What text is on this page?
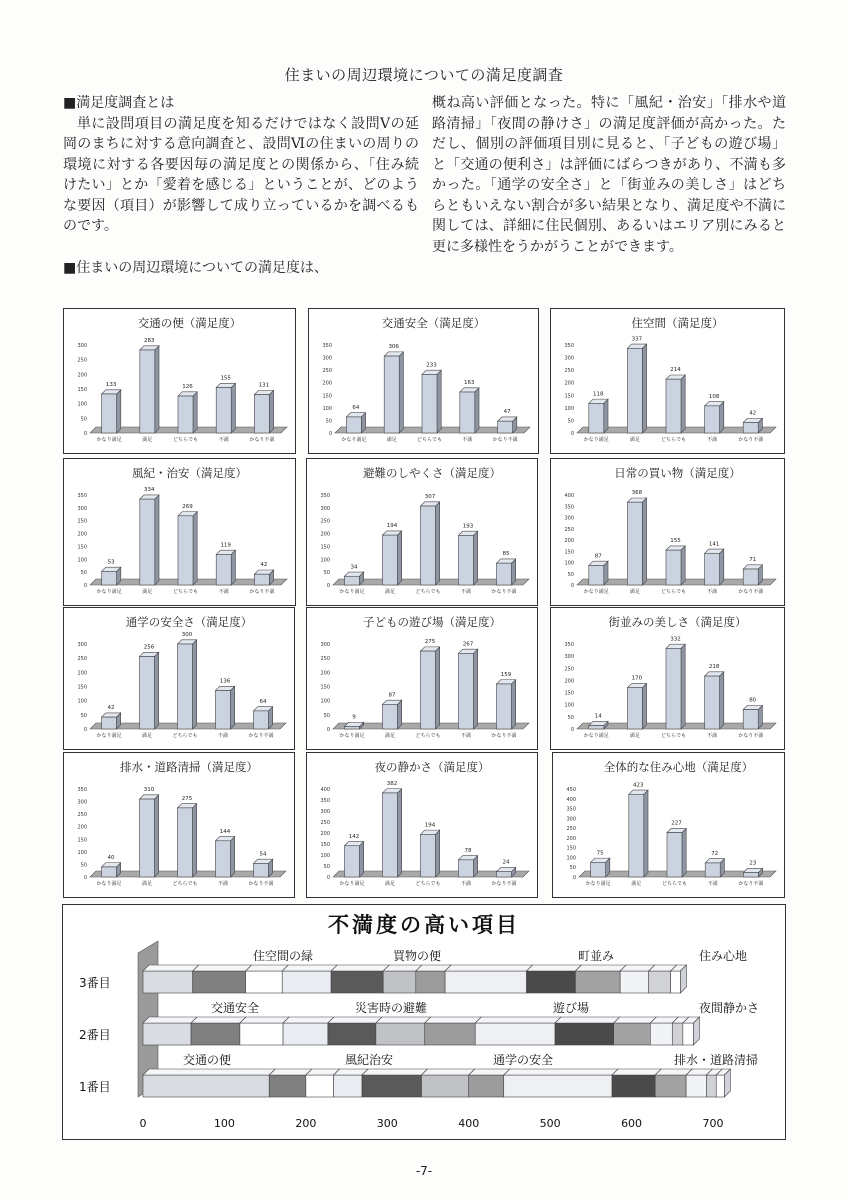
住まいの周辺環境についての満足度調査

■満足度調査とは

単に設問項目の満足度を知るだけではなく設問Ⅴの延岡のまちに対する意向調査と、設問Ⅵの住まいの周りの環境に対する各要因毎の満足度との関係から、「住み続けたい」とか「愛着を感じる」ということが、どのような要因（項目）が影響して成り立っているかを調べるものです。

■住まいの周辺環境についての満足度は、

概ね高い評価となった。特に「風紀・治安」「排水や道路清掃」「夜間の静けさ」の満足度評価が高かった。ただし、個別の評価項目別に見ると、「子どもの遊び場」と「交通の便利さ」は評価にばらつきがあり、不満も多かった。「通学の安全さ」と「街並みの美しさ」はどちらともいえない割合が多い結果となり、満足度や不満に関しては、詳細に住民個別、あるいはエリア別にみると更に多様性をうかがうことができます。

交通の便（満足度）
0
50
100
150
200
250
300
133
かなり満足
283
満足
126
どちらでも
155
不満
131
かなり不満
交通安全（満足度）
0
50
100
150
200
250
300
350
64
かなり満足
306
満足
233
どちらでも
163
不満
47
かなり不満
住空間（満足度）
0
50
100
150
200
250
300
350
118
かなり満足
337
満足
214
どちらでも
108
不満
42
かなり不満
風紀・治安（満足度）
0
50
100
150
200
250
300
350
53
かなり満足
334
満足
269
どちらでも
119
不満
42
かなり不満
避難のしやくさ（満足度）
0
50
100
150
200
250
300
350
34
かなり満足
194
満足
307
どちらでも
193
不満
85
かなり不満
日常の買い物（満足度）
0
50
100
150
200
250
300
350
400
87
かなり満足
368
満足
155
どちらでも
141
不満
71
かなり不満
通学の安全さ（満足度）
0
50
100
150
200
250
300
42
かなり満足
256
満足
300
どちらでも
136
不満
64
かなり不満
子どもの遊び場（満足度）
0
50
100
150
200
250
300
9
かなり満足
87
満足
275
どちらでも
267
不満
159
かなり不満
街並みの美しさ（満足度）
0
50
100
150
200
250
300
350
14
かなり満足
170
満足
332
どちらでも
218
不満
80
かなり不満
排水・道路清掃（満足度）
0
50
100
150
200
250
300
350
40
かなり満足
310
満足
275
どちらでも
144
不満
54
かなり不満
夜の静かさ（満足度）
0
50
100
150
200
250
300
350
400
142
かなり満足
382
満足
194
どちらでも
78
不満
24
かなり不満
全体的な住み心地（満足度）
0
50
100
150
200
250
300
350
400
450
75
かなり満足
423
満足
227
どちらでも
72
不満
23
かなり不満
不満度の高い項目
0	100	200	300	400	500	600	700
3番目
住空間の緑	買物の便	町並み	住み心地
2番目
交通安全	災害時の避難	遊び場	夜間静かさ
1番目
交通の便	風紀治安	通学の安全	排水・道路清掃
-7-
